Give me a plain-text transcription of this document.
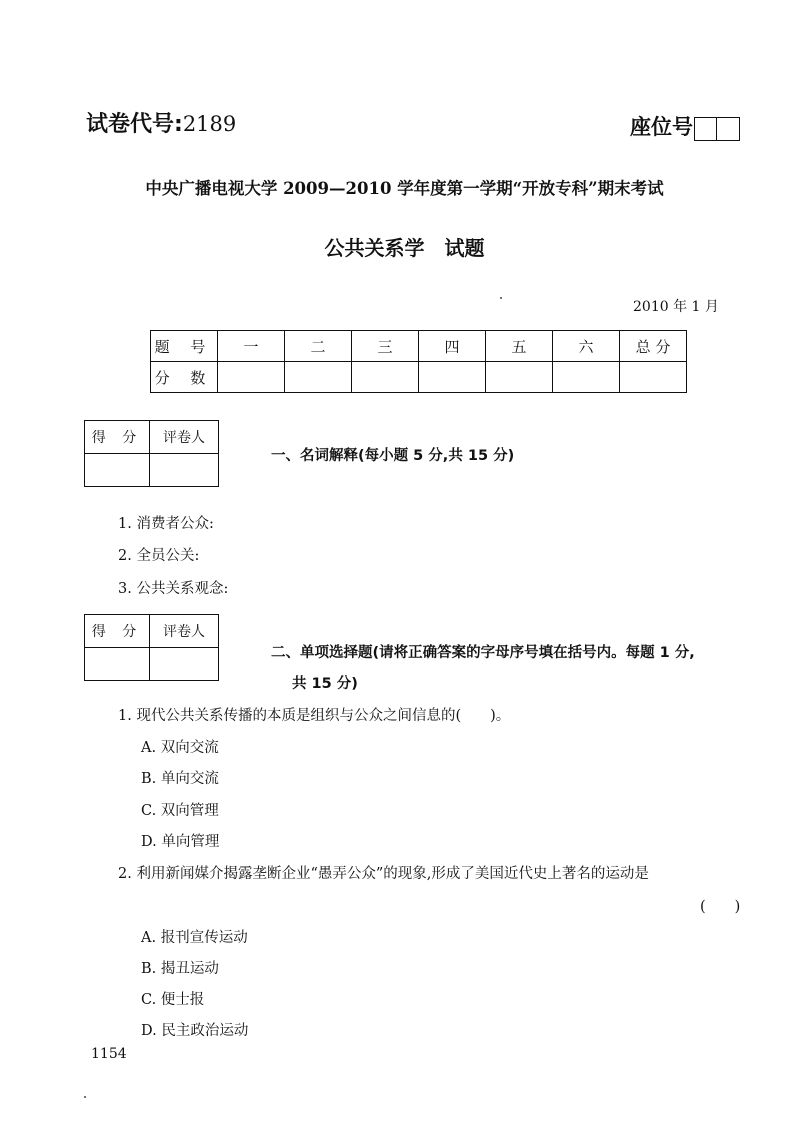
试卷代号:2189	座位号
中央广播电视大学 2009—2010 学年度第一学期“开放专科”期末考试
公共关系学　试题
2010 年 1 月
题 号	一	二	三	四	五	六	总 分
分 数							
得 分	评卷人

一、名词解释(每小题 5 分,共 15 分)
1. 消费者公众:
2. 全员公关:
3. 公共关系观念:
得 分	评卷人

二、单项选择题(请将正确答案的字母序号填在括号内。每题 1 分,
共 15 分)
1. 现代公共关系传播的本质是组织与公众之间信息的(　　)。
A. 双向交流
B. 单向交流
C. 双向管理
D. 单向管理
2. 利用新闻媒介揭露垄断企业“愚弄公众”的现象,形成了美国近代史上著名的运动是
(　　)
A. 报刊宣传运动
B. 揭丑运动
C. 便士报
D. 民主政治运动
1154
